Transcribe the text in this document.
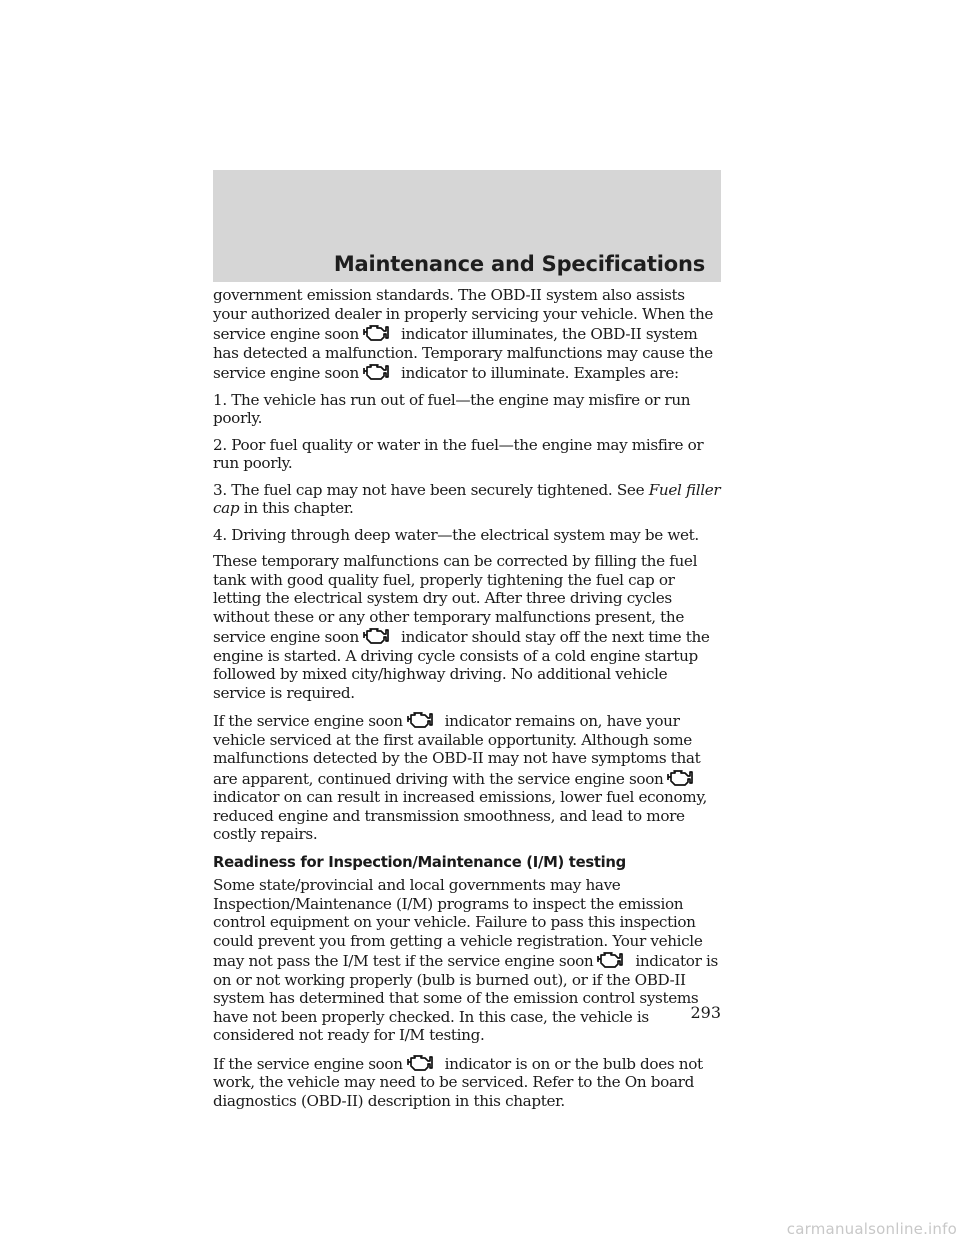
Maintenance and Specifications

government emission standards. The OBD-II system also assists your authorized dealer in properly servicing your vehicle. When the service engine soon	indicator illuminates, the OBD-II system has detected a malfunction. Temporary malfunctions may cause the service engine soon	indicator to illuminate. Examples are:

1. The vehicle has run out of fuel—the engine may misfire or run poorly.

2. Poor fuel quality or water in the fuel—the engine may misfire or run poorly.

3. The fuel cap may not have been securely tightened. See Fuel filler cap in this chapter.

4. Driving through deep water—the electrical system may be wet.

These temporary malfunctions can be corrected by filling the fuel tank with good quality fuel, properly tightening the fuel cap or letting the electrical system dry out. After three driving cycles without these or any other temporary malfunctions present, the service engine soon	indicator should stay off the next time the engine is started. A driving cycle consists of a cold engine startup followed by mixed city/highway driving. No additional vehicle service is required.

If the service engine soon	indicator remains on, have your vehicle serviced at the first available opportunity. Although some malfunctions detected by the OBD-II may not have symptoms that are apparent, continued driving with the service engine soon
indicator on can result in increased emissions, lower fuel economy, reduced engine and transmission smoothness, and lead to more costly repairs.

Readiness for Inspection/Maintenance (I/M) testing

Some state/provincial and local governments may have Inspection/Maintenance (I/M) programs to inspect the emission control equipment on your vehicle. Failure to pass this inspection could prevent you from getting a vehicle registration. Your vehicle may not pass the I/M test if the service engine soon	indicator is on or not working properly (bulb is burned out), or if the OBD-II system has determined that some of the emission control systems have not been properly checked. In this case, the vehicle is considered not ready for I/M testing.

If the service engine soon	indicator is on or the bulb does not work, the vehicle may need to be serviced. Refer to the On board diagnostics (OBD-II) description in this chapter.

293
carmanualsonline.info
